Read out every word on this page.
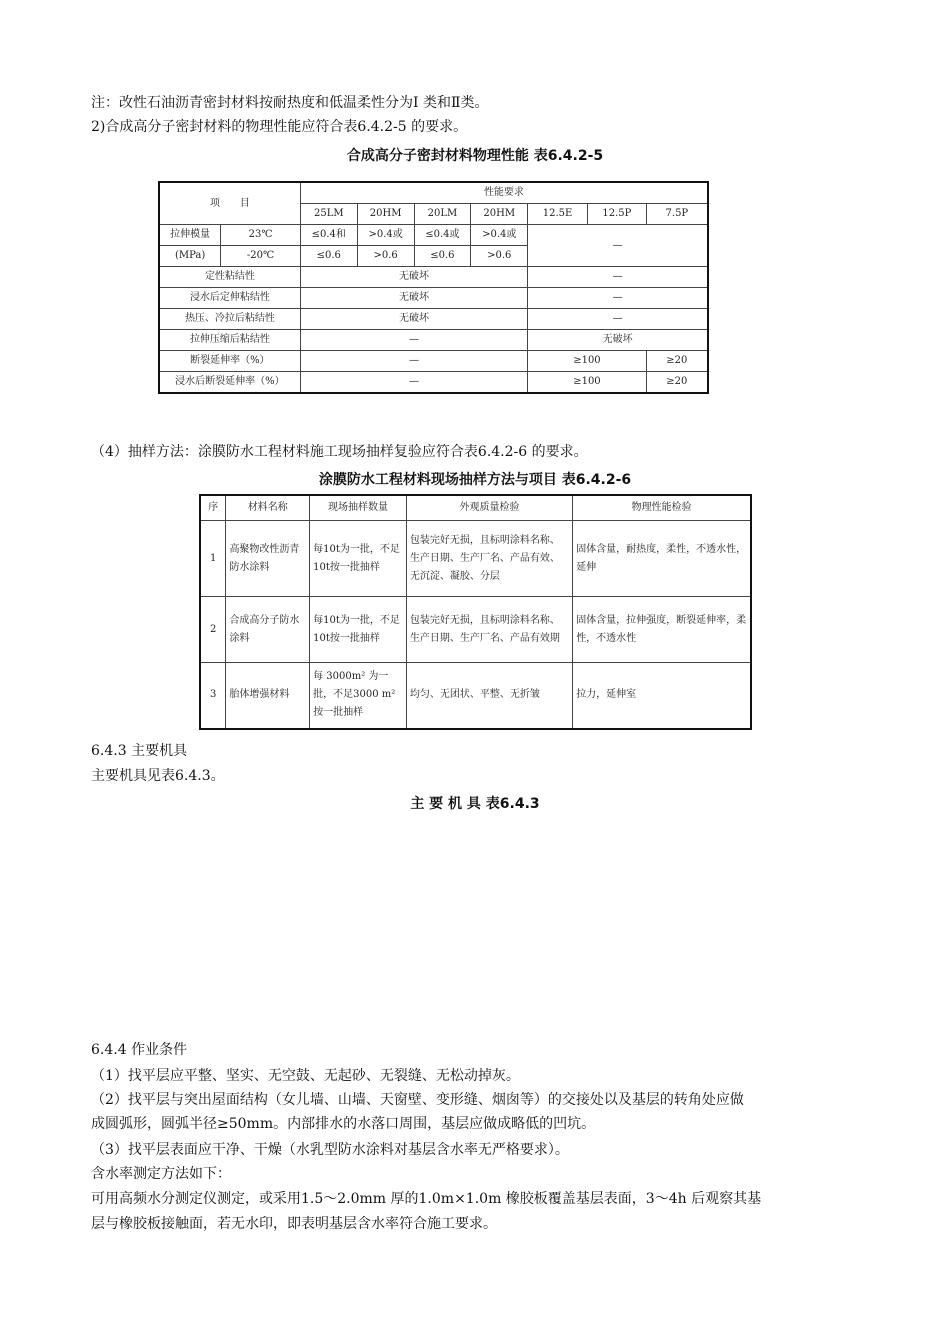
注：改性石油沥青密封材料按耐热度和低温柔性分为Ⅰ 类和Ⅱ类。
2)合成高分子密封材料的物理性能应符合表6.4.2-5 的要求。
合成高分子密封材料物理性能 表6.4.2-5
项　　目		性能要求						
		25LM	20HM	20LM	20HM	12.5E	12.5P	7.5P
拉伸模量	23℃	≤0.4和	>0.4或	≤0.4或	>0.4或	—		
(MPa)	-20℃	≤0.6	>0.6	≤0.6	>0.6			
定性粘结性		无破坏				—		
浸水后定伸粘结性		无破坏				—		
热压、冷拉后粘结性		无破坏				—		
拉伸压缩后粘结性		—				无破坏		
断裂延伸率（%）		—				≥100		≥20
浸水后断裂延伸率（%）		—				≥100		≥20
（4）抽样方法：涂膜防水工程材料施工现场抽样复验应符合表6.4.2-6 的要求。
涂膜防水工程材料现场抽样方法与项目 表6.4.2-6
序	材料名称	现场抽样数量	外观质量检验	物理性能检验
1	高聚物改性沥青防水涂料	每10t为一批，不足10t按一批抽样	包装完好无损，且标明涂料名称、生产日期、生产厂名、产品有效、无沉淀、凝胶、分层	固体含量，耐热度，柔性，不透水性，延伸
2	合成高分子防水涂料	每10t为一批，不足10t按一批抽样	包装完好无损，且标明涂料名称、生产日期、生产厂名、产品有效期	固体含量，拉伸强度，断裂延伸率，柔性，不透水性
3	胎体增强材料	每 3000m² 为一批，不足3000 m²按一批抽样	均匀、无团状、平整、无折皱	拉力，延伸室
6.4.3 主要机具
主要机具见表6.4.3。
主 要 机 具 表6.4.3
6.4.4 作业条件
（1）找平层应平整、坚实、无空鼓、无起砂、无裂缝、无松动掉灰。
（2）找平层与突出屋面结构（女儿墙、山墙、天窗壁、变形缝、烟囱等）的交接处以及基层的转角处应做
成圆弧形，圆弧半径≥50mm。内部排水的水落口周围，基层应做成略低的凹坑。
（3）找平层表面应干净、干燥（水乳型防水涂料对基层含水率无严格要求）。
含水率测定方法如下：
可用高频水分测定仪测定，或采用1.5～2.0mm 厚的1.0m×1.0m 橡胶板覆盖基层表面，3～4h 后观察其基
层与橡胶板接触面，若无水印，即表明基层含水率符合施工要求。
